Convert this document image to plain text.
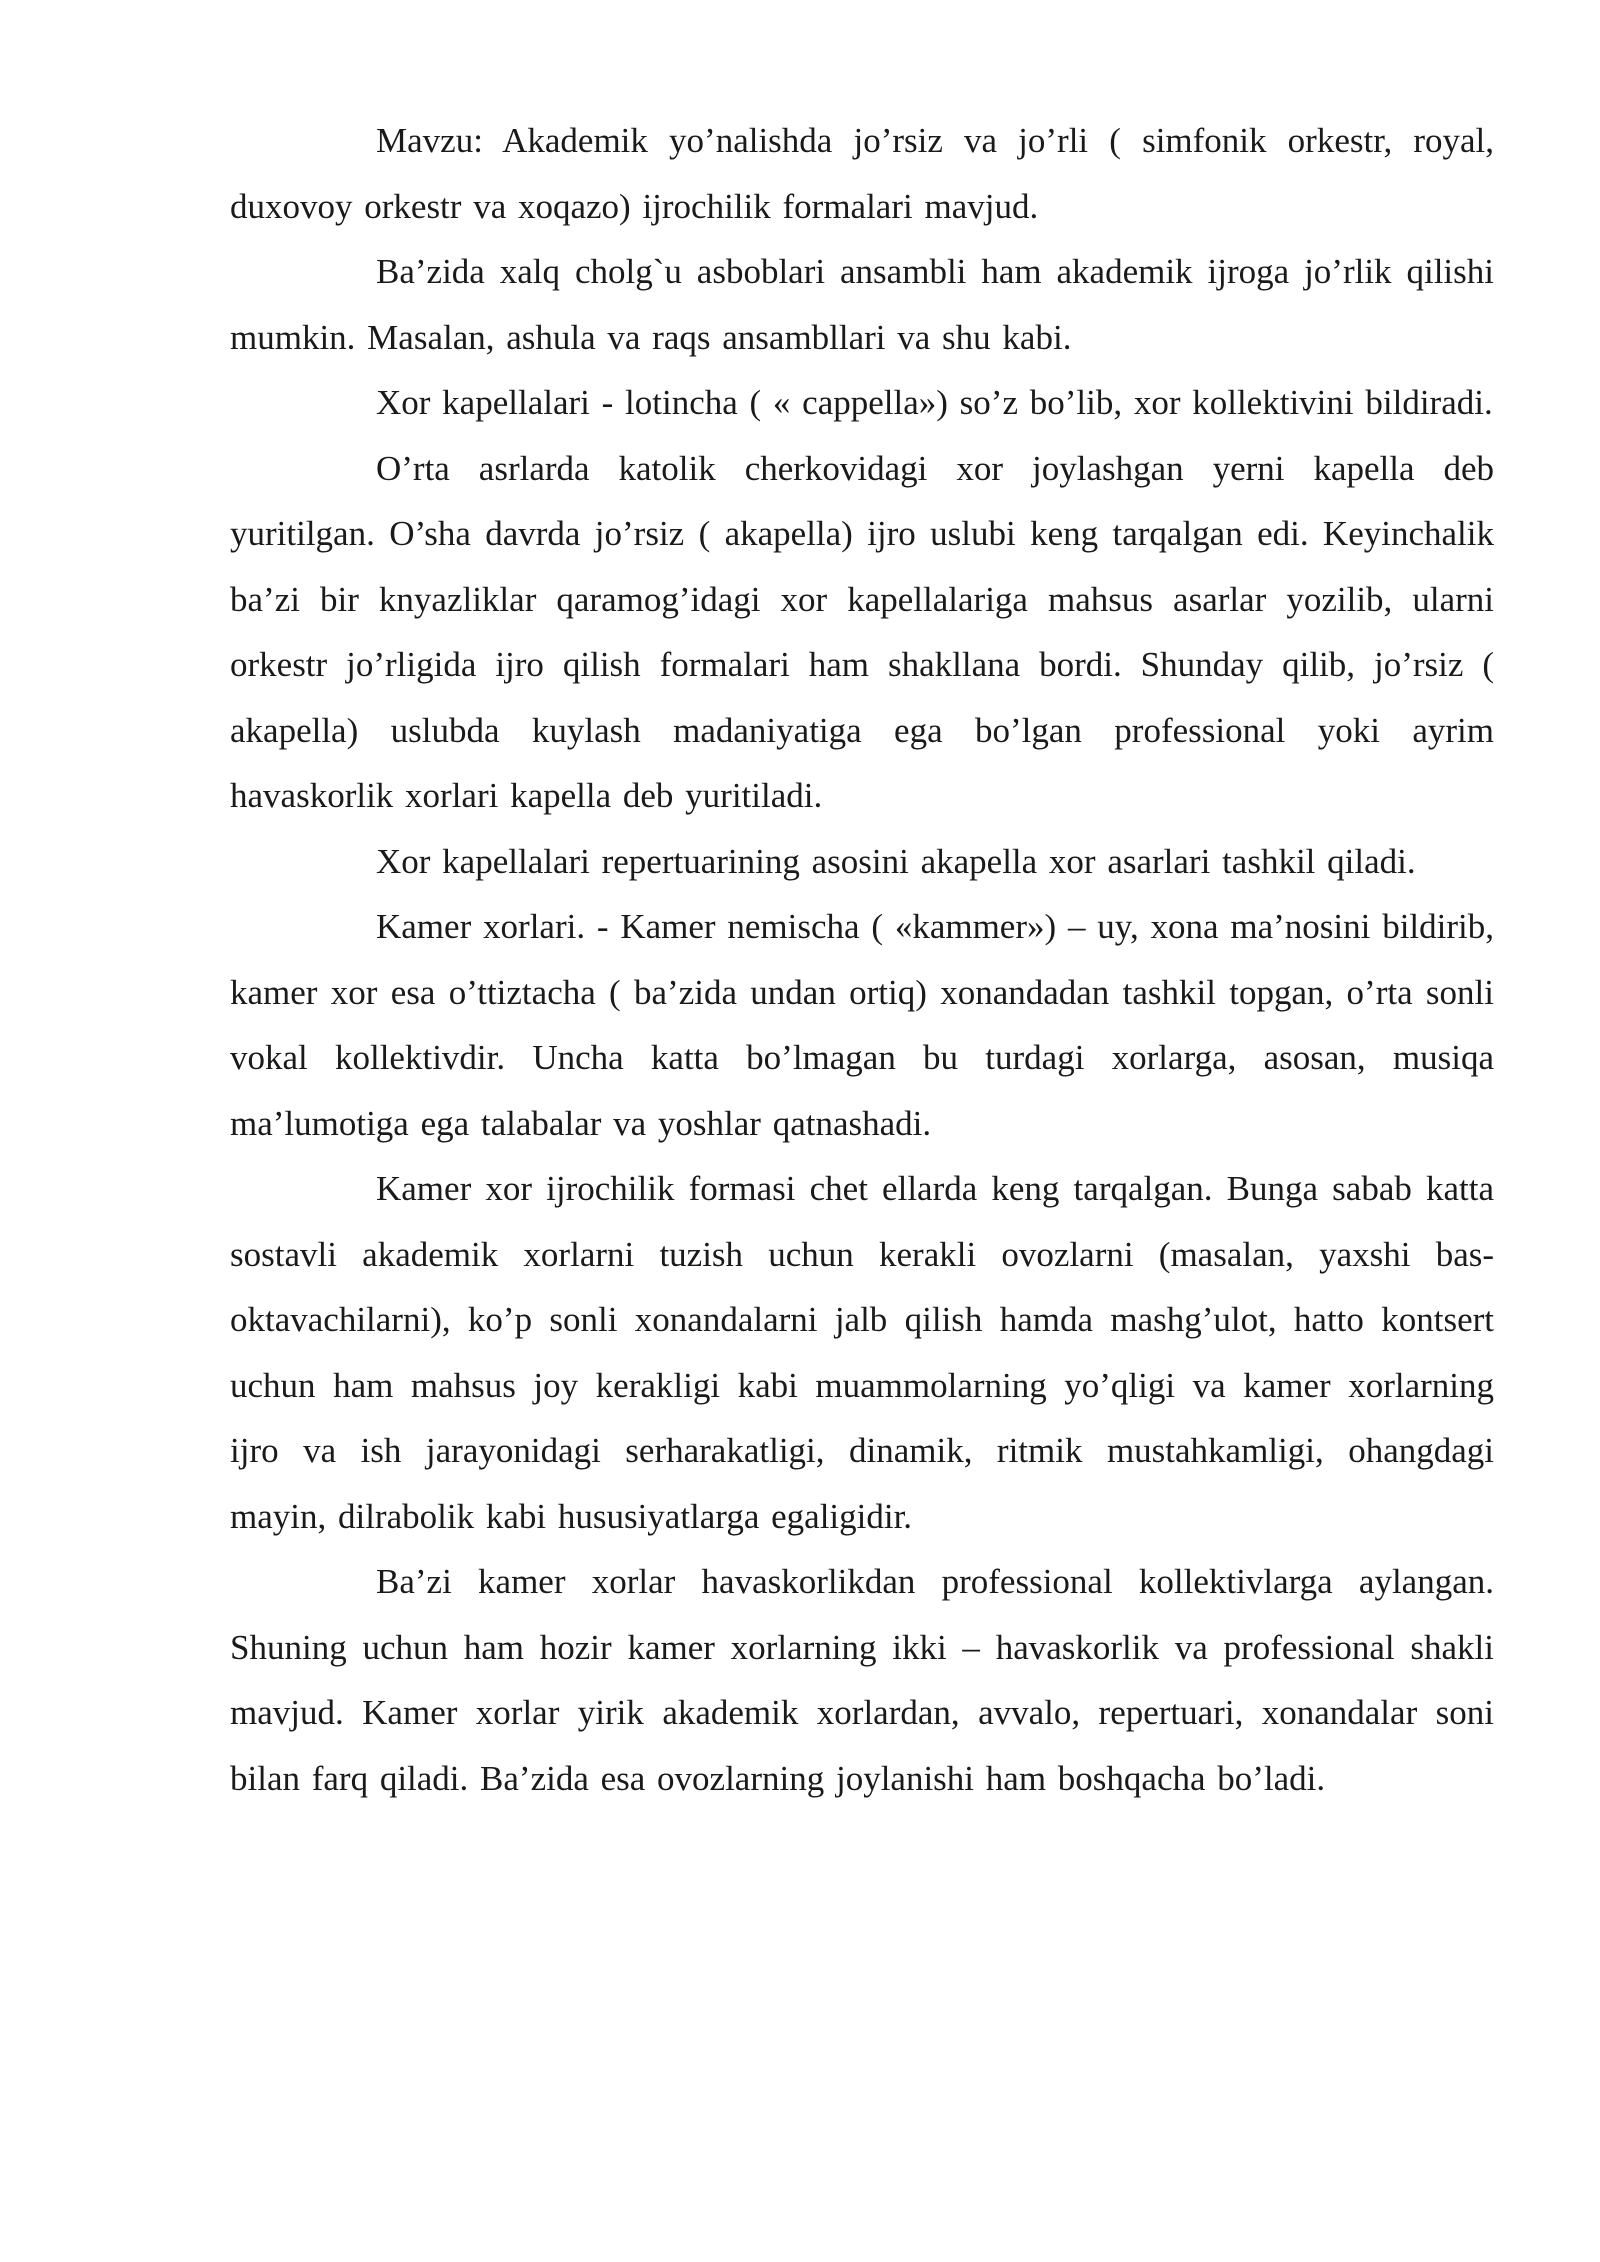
Mavzu: Akademik yo’nalishda jo’rsiz va jo’rli ( simfonik orkestr, royal, duxovoy orkestr va xoqazo) ijrochilik formalari mavjud.

Ba’zida xalq cholg`u asboblari ansambli ham akademik ijroga jo’rlik qilishi mumkin. Masalan, ashula va raqs ansambllari va shu kabi.

Xor kapellalari - lotincha ( « cappella») so’z bo’lib, xor kollektivini bildiradi.

O’rta asrlarda katolik cherkovidagi xor joylashgan yerni kapella deb yuritilgan. O’sha davrda jo’rsiz ( akapella) ijro uslubi keng tarqalgan edi. Keyinchalik ba’zi bir knyazliklar qaramog’idagi xor kapellalariga mahsus asarlar yozilib, ularni orkestr jo’rligida ijro qilish formalari ham shakllana bordi. Shunday qilib, jo’rsiz ( akapella) uslubda kuylash madaniyatiga ega bo’lgan professional yoki ayrim havaskorlik xorlari kapella deb yuritiladi.

Xor kapellalari repertuarining asosini akapella xor asarlari tashkil qiladi.

Kamer xorlari. - Kamer nemischa ( «kammer») – uy, xona ma’nosini bildirib, kamer xor esa o’ttiztacha ( ba’zida undan ortiq) xonandadan tashkil topgan, o’rta sonli vokal kollektivdir. Uncha katta bo’lmagan bu turdagi xorlarga, asosan, musiqa ma’lumotiga ega talabalar va yoshlar qatnashadi.

Kamer xor ijrochilik formasi chet ellarda keng tarqalgan. Bunga sabab katta sostavli akademik xorlarni tuzish uchun kerakli ovozlarni (masalan, yaxshi bas-oktavachilarni), ko’p sonli xonandalarni jalb qilish hamda mashg’ulot, hatto kontsert uchun ham mahsus joy kerakligi kabi muammolarning yo’qligi va kamer xorlarning ijro va ish jarayonidagi serharakatligi, dinamik, ritmik mustahkamligi, ohangdagi mayin, dilrabolik kabi hususiyatlarga egaligidir.

Ba’zi kamer xorlar havaskorlikdan professional kollektivlarga aylangan. Shuning uchun ham hozir kamer xorlarning ikki – havaskorlik va professional shakli mavjud. Kamer xorlar yirik akademik xorlardan, avvalo, repertuari, xonandalar soni bilan farq qiladi. Ba’zida esa ovozlarning joylanishi ham boshqacha bo’ladi.
